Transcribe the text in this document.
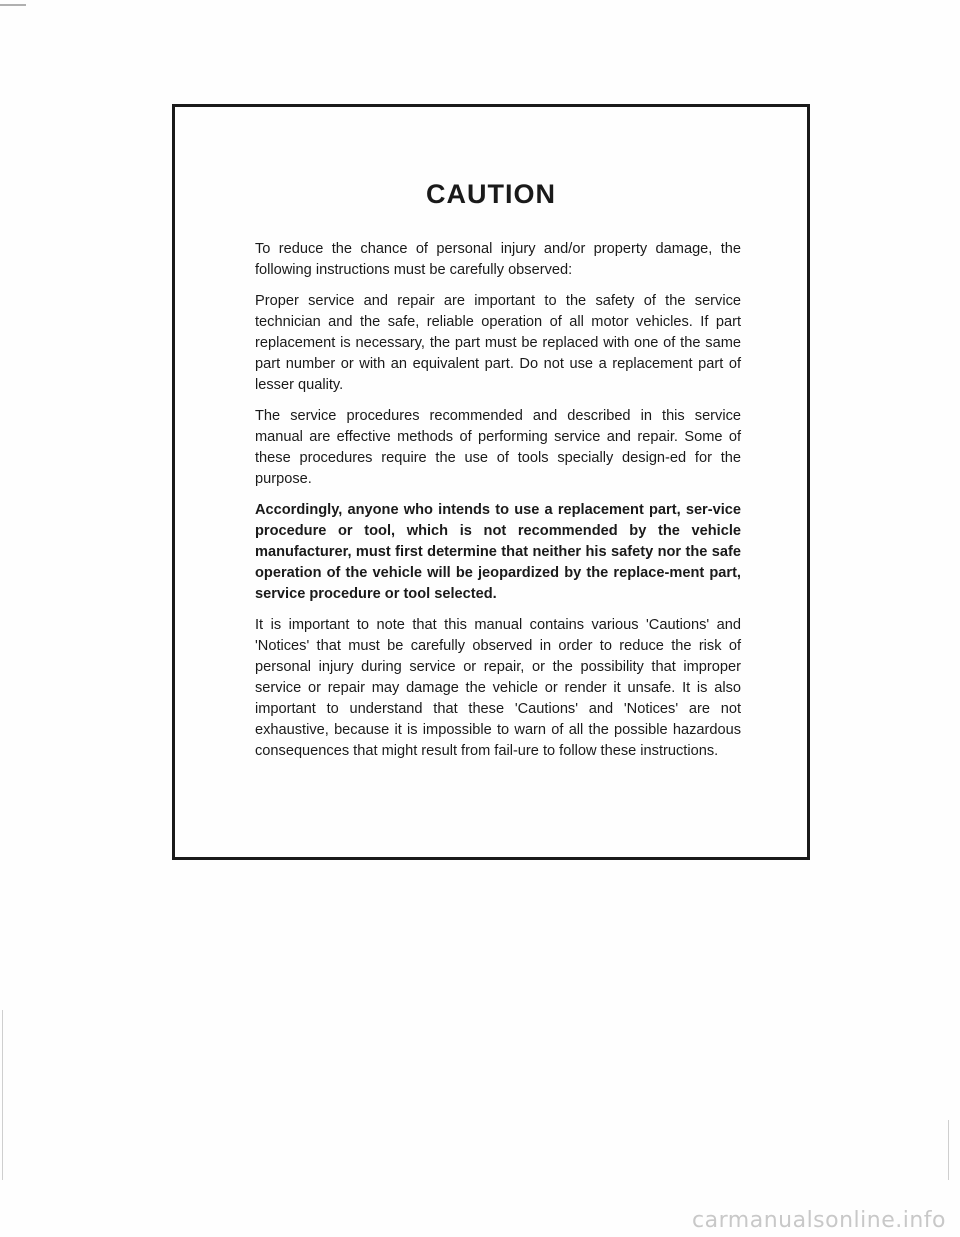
CAUTION

To reduce the chance of personal injury and/or property damage, the following instructions must be carefully observed:

Proper service and repair are important to the safety of the service technician and the safe, reliable operation of all motor vehicles. If part replacement is necessary, the part must be replaced with one of the same part number or with an equivalent part. Do not use a replacement part of lesser quality.

The service procedures recommended and described in this service manual are effective methods of performing service and repair. Some of these procedures require the use of tools specially design-ed for the purpose.

Accordingly, anyone who intends to use a replacement part, ser-vice procedure or tool, which is not recommended by the vehicle manufacturer, must first determine that neither his safety nor the safe operation of the vehicle will be jeopardized by the replace-ment part, service procedure or tool selected.

It is important to note that this manual contains various 'Cautions' and 'Notices' that must be carefully observed in order to reduce the risk of personal injury during service or repair, or the possibility that improper service or repair may damage the vehicle or render it unsafe. It is also important to understand that these 'Cautions' and 'Notices' are not exhaustive, because it is impossible to warn of all the possible hazardous consequences that might result from fail-ure to follow these instructions.

carmanualsonline.info
